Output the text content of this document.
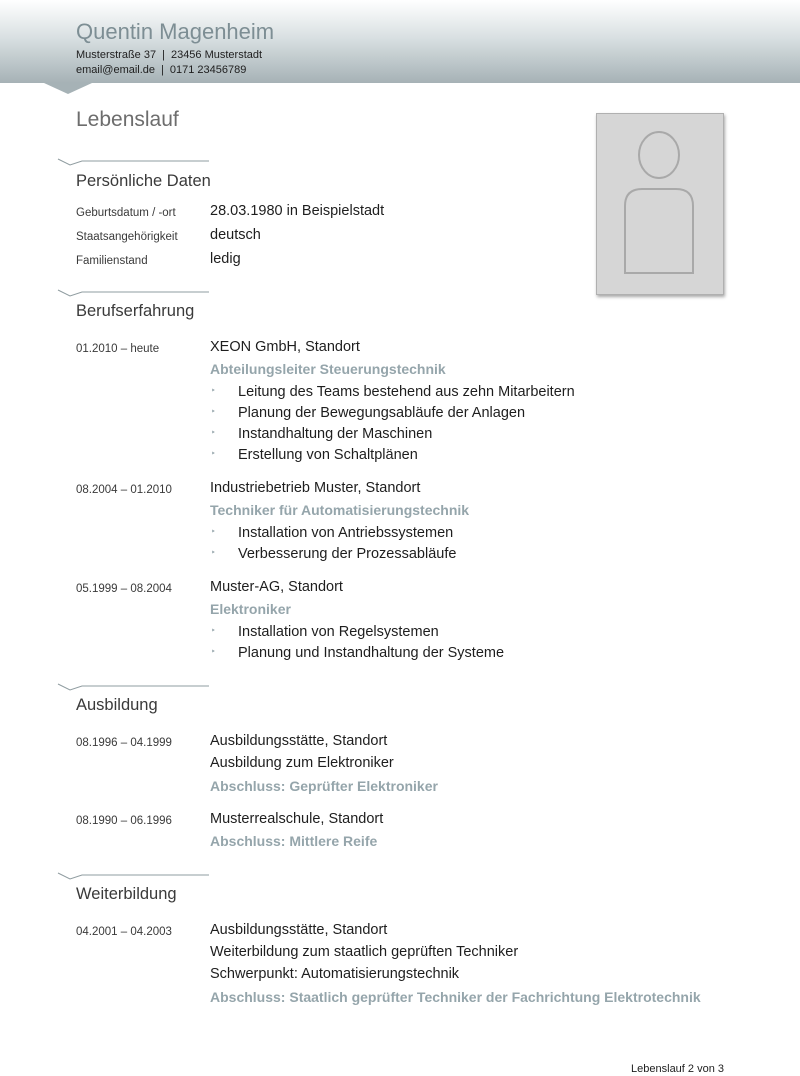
Quentin Magenheim
Musterstraße 37 | 23456 Musterstadt
email@email.de | 0171 23456789
Lebenslauf
Persönliche Daten
Geburtsdatum / -ort 28.03.1980 in Beispielstadt
Staatsangehörigkeit deutsch
Familienstand	ledig
Berufserfahrung
01.2010 – heute	XEON GmbH, Standort
Abteilungsleiter Steuerungstechnik
‣ Leitung des Teams bestehend aus zehn Mitarbeitern
‣ Planung der Bewegungsabläufe der Anlagen
‣ Instandhaltung der Maschinen
‣ Erstellung von Schaltplänen
08.2004 – 01.2010	Industriebetrieb Muster, Standort
Techniker für Automatisierungstechnik
‣ Installation von Antriebssystemen
‣ Verbesserung der Prozessabläufe
05.1999 – 08.2004	Muster-AG, Standort
Elektroniker
‣ Installation von Regelsystemen
‣ Planung und Instandhaltung der Systeme
Ausbildung
08.1996 – 04.1999	Ausbildungsstätte, Standort
Ausbildung zum Elektroniker
Abschluss: Geprüfter Elektroniker
08.1990 – 06.1996	Musterrealschule, Standort
Abschluss: Mittlere Reife
Weiterbildung
04.2001 – 04.2003	Ausbildungsstätte, Standort
Weiterbildung zum staatlich geprüften Techniker
Schwerpunkt: Automatisierungstechnik
Abschluss: Staatlich geprüfter Techniker der Fachrichtung Elektrotechnik
Lebenslauf 2 von 3
